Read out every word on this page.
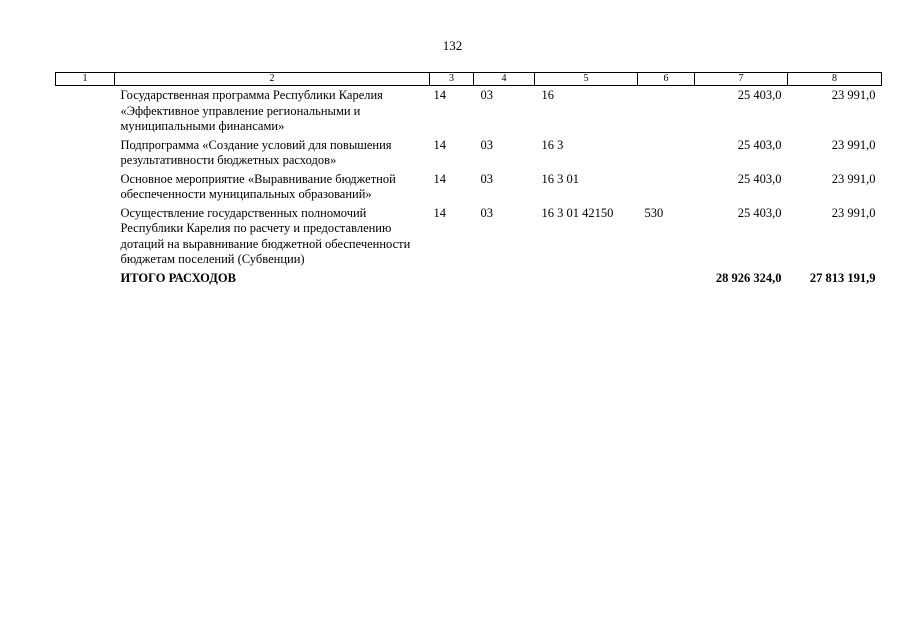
132
1	2	3	4	5	6	7	8
	Государственная программа Республики Карелия «Эффективное управление региональными и муниципальными финансами»	14	03	16		25 403,0	23 991,0
	Подпрограмма «Создание условий для повышения результативности бюджетных расходов»	14	03	16 3		25 403,0	23 991,0
	Основное мероприятие «Выравнивание бюджетной обеспеченности муниципальных образований»	14	03	16 3 01		25 403,0	23 991,0
	Осуществление государственных полномочий Республики Карелия по расчету и предоставлению дотаций на выравнивание бюджетной обеспеченности бюджетам поселений (Субвенции)	14	03	16 3 01 42150	530	25 403,0	23 991,0
	ИТОГО РАСХОДОВ					28 926 324,0	27 813 191,9
